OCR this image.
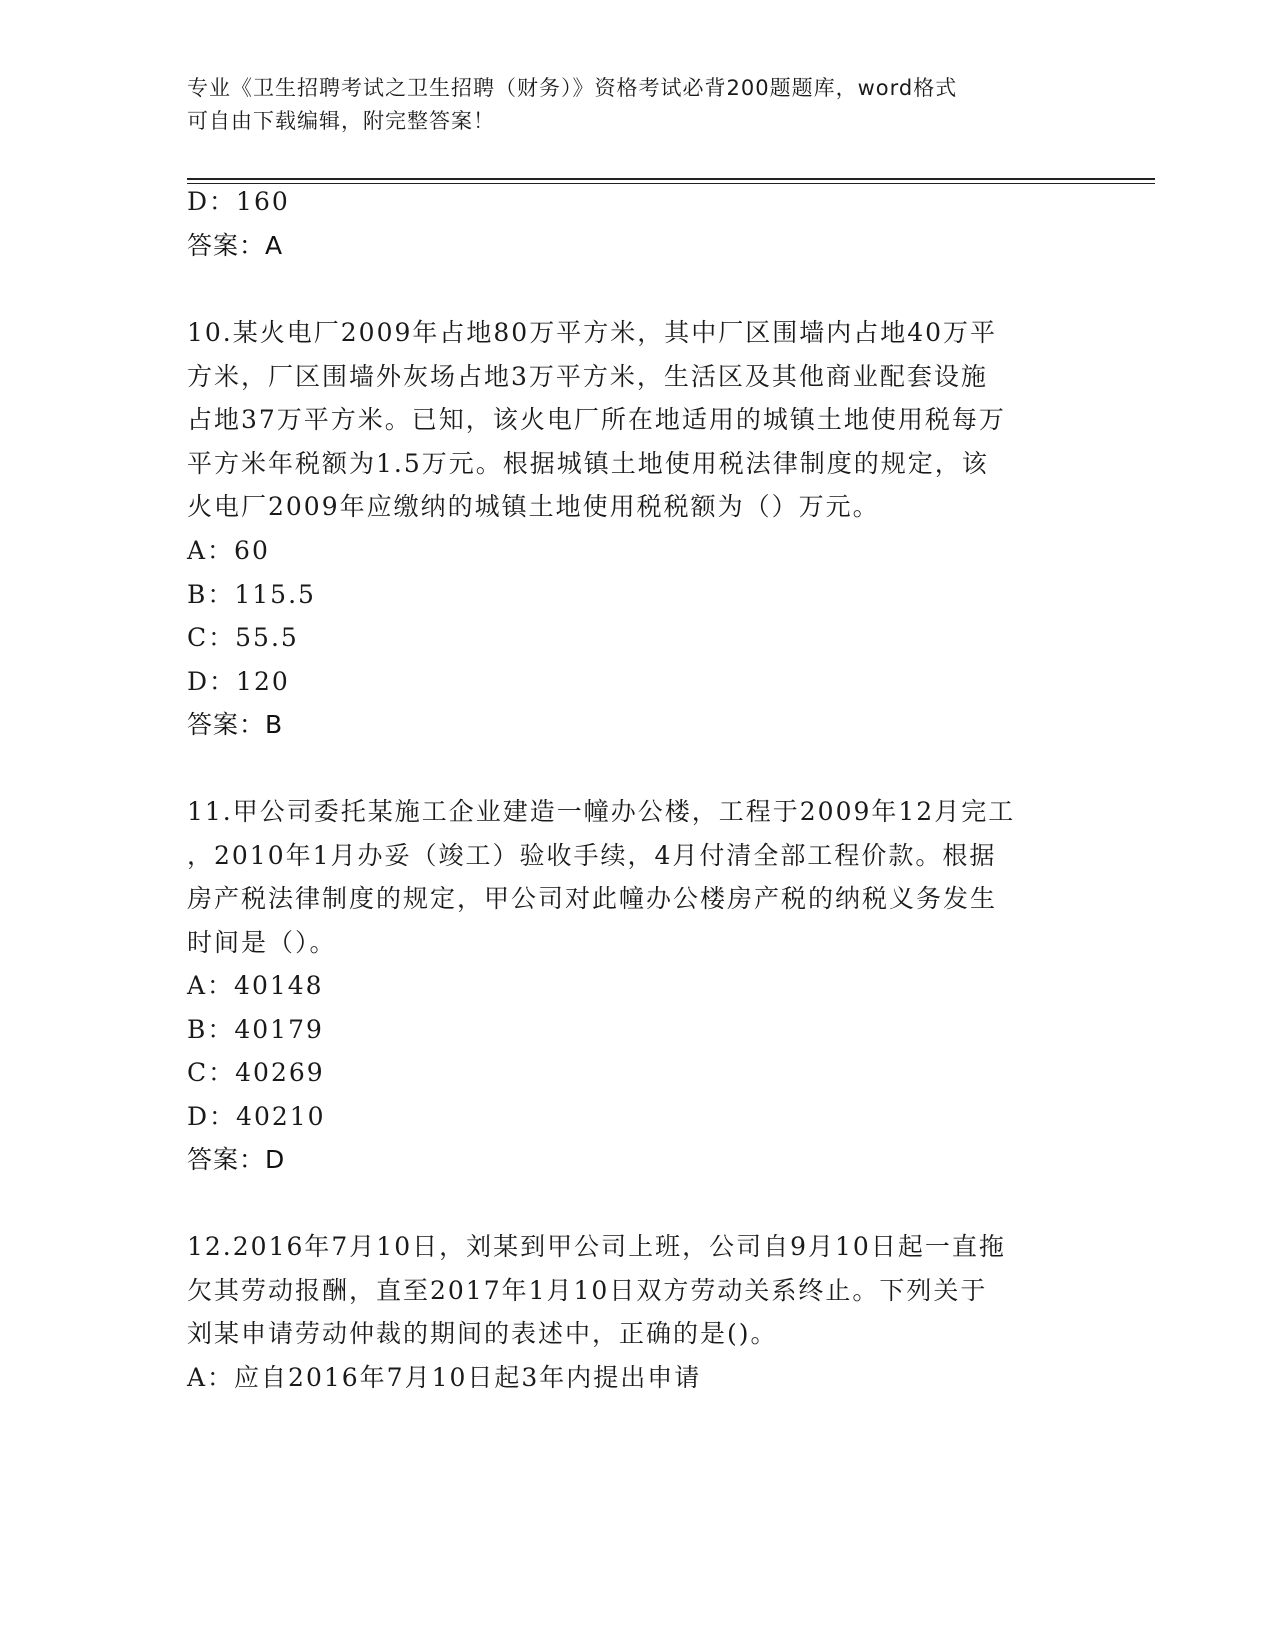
专业《卫生招聘考试之卫生招聘（财务）》资格考试必背200题题库，word格式
可自由下载编辑，附完整答案！
D：160
答案：A
10.某火电厂2009年占地80万平方米，其中厂区围墙内占地40万平
方米，厂区围墙外灰场占地3万平方米，生活区及其他商业配套设施
占地37万平方米。已知，该火电厂所在地适用的城镇土地使用税每万
平方米年税额为1.5万元。根据城镇土地使用税法律制度的规定，该
火电厂2009年应缴纳的城镇土地使用税税额为（）万元。
A：60
B：115.5
C：55.5
D：120
答案：B
11.甲公司委托某施工企业建造一幢办公楼，工程于2009年12月完工
，2010年1月办妥（竣工）验收手续，4月付清全部工程价款。根据
房产税法律制度的规定，甲公司对此幢办公楼房产税的纳税义务发生
时间是（）。
A：40148
B：40179
C：40269
D：40210
答案：D
12.2016年7月10日，刘某到甲公司上班，公司自9月10日起一直拖
欠其劳动报酬，直至2017年1月10日双方劳动关系终止。下列关于
刘某申请劳动仲裁的期间的表述中，正确的是()。
A：应自2016年7月10日起3年内提出申请
